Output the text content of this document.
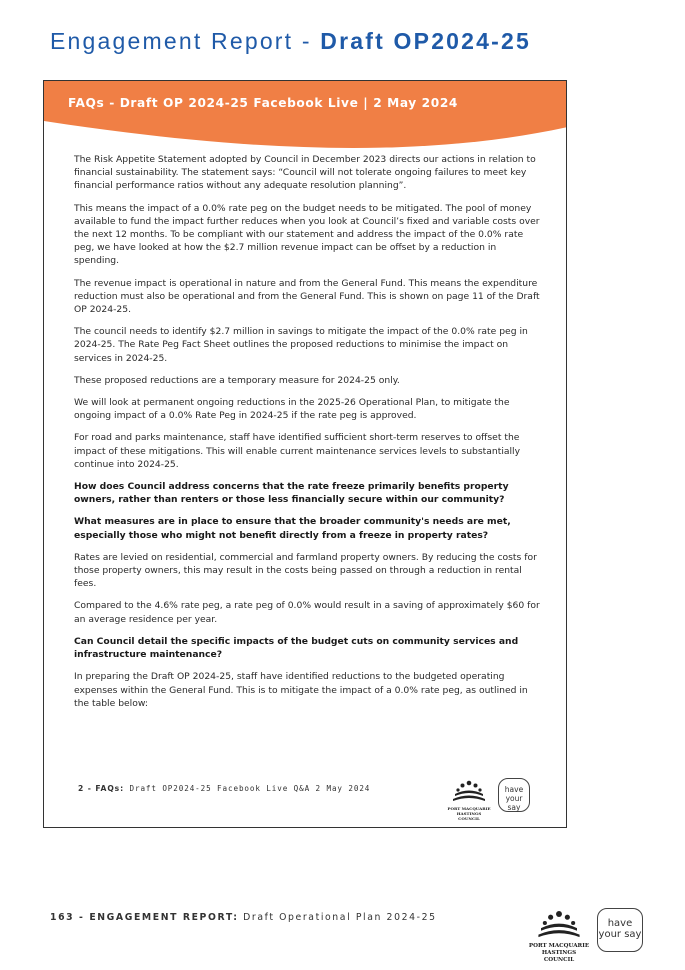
Engagement Report - Draft OP2024-25
FAQs - Draft OP 2024-25 Facebook Live | 2 May 2024

The Risk Appetite Statement adopted by Council in December 2023 directs our actions in relation to financial sustainability. The statement says: “Council will not tolerate ongoing failures to meet key financial performance ratios without any adequate resolution planning”.

This means the impact of a 0.0% rate peg on the budget needs to be mitigated. The pool of money available to fund the impact further reduces when you look at Council’s fixed and variable costs over the next 12 months. To be compliant with our statement and address the impact of the 0.0% rate peg, we have looked at how the $2.7 million revenue impact can be offset by a reduction in spending.

The revenue impact is operational in nature and from the General Fund. This means the expenditure reduction must also be operational and from the General Fund. This is shown on page 11 of the Draft OP 2024-25.

The council needs to identify $2.7 million in savings to mitigate the impact of the 0.0% rate peg in 2024-25. The Rate Peg Fact Sheet outlines the proposed reductions to minimise the impact on services in 2024-25.

These proposed reductions are a temporary measure for 2024-25 only.

We will look at permanent ongoing reductions in the 2025-26 Operational Plan, to mitigate the ongoing impact of a 0.0% Rate Peg in 2024-25 if the rate peg is approved.

For road and parks maintenance, staff have identified sufficient short-term reserves to offset the impact of these mitigations. This will enable current maintenance services levels to substantially continue into 2024-25.

How does Council address concerns that the rate freeze primarily benefits property owners, rather than renters or those less financially secure within our community?

What measures are in place to ensure that the broader community's needs are met, especially those who might not benefit directly from a freeze in property rates?

Rates are levied on residential, commercial and farmland property owners. By reducing the costs for those property owners, this may result in the costs being passed on through a reduction in rental fees.

Compared to the 4.6% rate peg, a rate peg of 0.0% would result in a saving of approximately $60 for an average residence per year.

Can Council detail the specific impacts of the budget cuts on community services and infrastructure maintenance?

In preparing the Draft OP 2024-25, staff have identified reductions to the budgeted operating expenses within the General Fund. This is to mitigate the impact of a 0.0% rate peg, as outlined in the table below:

2 - FAQs: Draft OP2024-25 Facebook Live Q&A 2 May 2024
PORT MACQUARIE
HASTINGS COUNCIL
have
your say
163 - ENGAGEMENT REPORT: Draft Operational Plan 2024-25
PORT MACQUARIE
HASTINGS COUNCIL
have
your say
